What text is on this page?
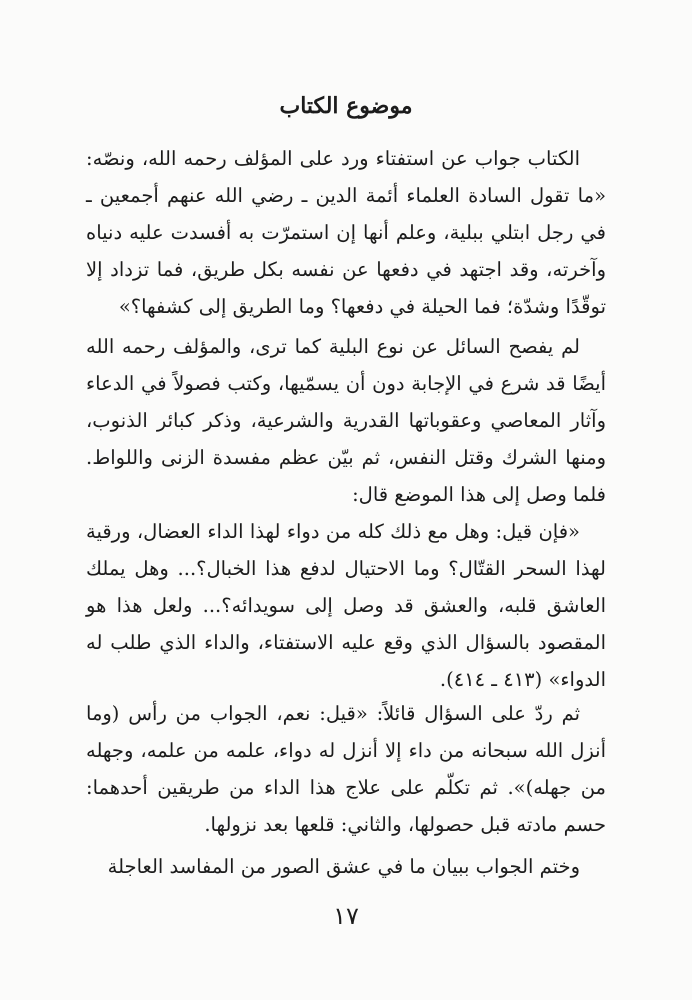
موضوع الكتاب

الكتاب جواب عن استفتاء ورد على المؤلف رحمه الله، ونصّه: «ما تقول السادة العلماء أئمة الدين ـ رضي الله عنهم أجمعين ـ في رجل ابتلي ببلية، وعلم أنها إن استمرّت به أفسدت عليه دنياه وآخرته، وقد اجتهد في دفعها عن نفسه بكل طريق، فما تزداد إلا توقّدًا وشدّة؛ فما الحيلة في دفعها؟ وما الطريق إلى كشفها؟»

لم يفصح السائل عن نوع البلية كما ترى، والمؤلف رحمه الله أيضًا قد شرع في الإجابة دون أن يسمّيها، وكتب فصولاً في الدعاء وآثار المعاصي وعقوباتها القدرية والشرعية، وذكر كبائر الذنوب، ومنها الشرك وقتل النفس، ثم بيّن عظم مفسدة الزنى واللواط. فلما وصل إلى هذا الموضع قال:

«فإن قيل: وهل مع ذلك كله من دواء لهذا الداء العضال، ورقية لهذا السحر القتّال؟ وما الاحتيال لدفع هذا الخبال؟... وهل يملك العاشق قلبه، والعشق قد وصل إلى سويدائه؟... ولعل هذا هو المقصود بالسؤال الذي وقع عليه الاستفتاء، والداء الذي طلب له الدواء» (٤١٣ ـ ٤١٤).

ثم ردّ على السؤال قائلاً: «قيل: نعم، الجواب من رأس (وما أنزل الله سبحانه من داء إلا أنزل له دواء، علمه من علمه، وجهله من جهله)». ثم تكلّم على علاج هذا الداء من طريقين أحدهما: حسم مادته قبل حصولها، والثاني: قلعها بعد نزولها.

وختم الجواب ببيان ما في عشق الصور من المفاسد العاجلة

١٧
